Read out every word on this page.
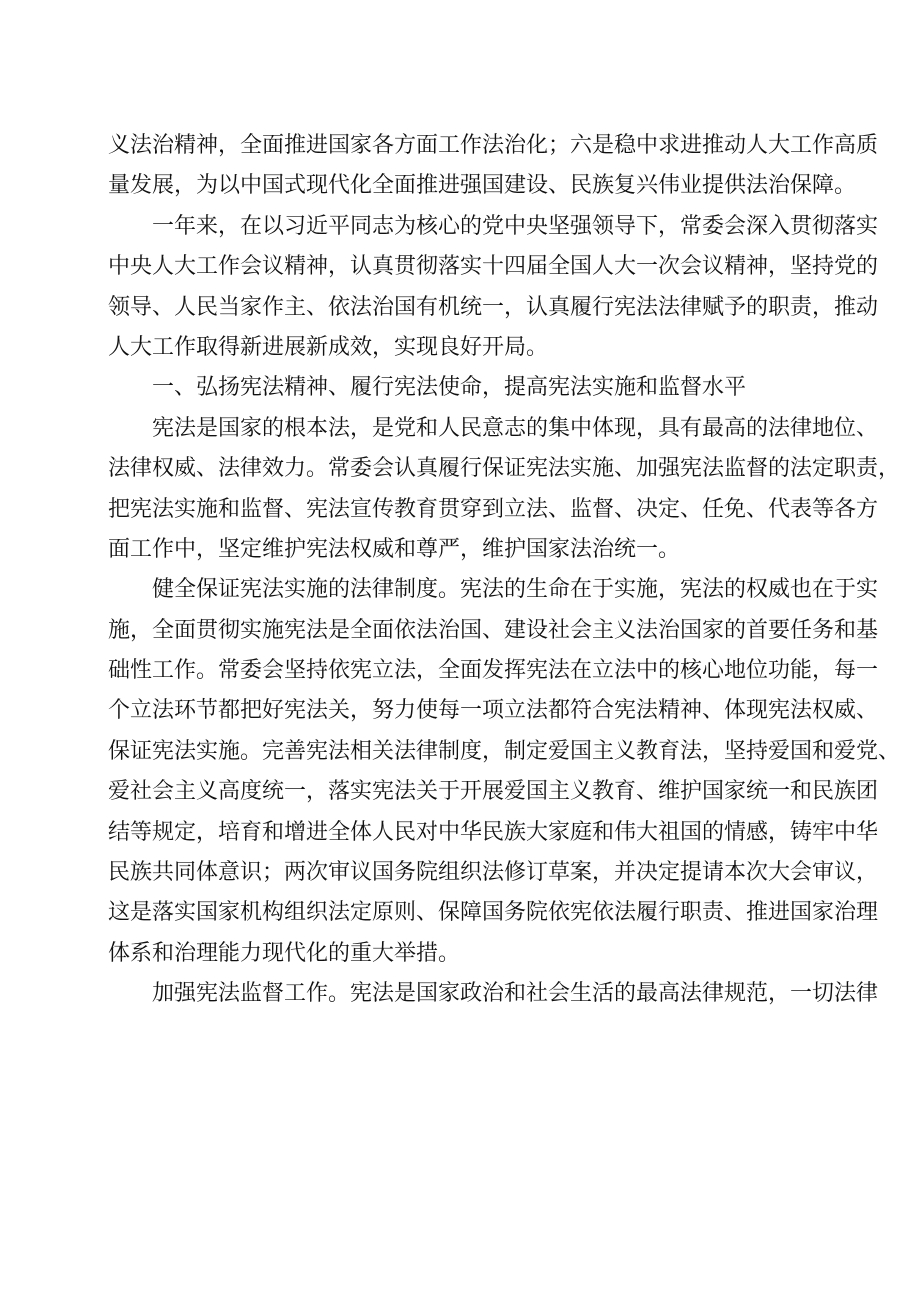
义法治精神，全面推进国家各方面工作法治化；六是稳中求进推动人大工作高质
量发展，为以中国式现代化全面推进强国建设、民族复兴伟业提供法治保障。
一年来，在以习近平同志为核心的党中央坚强领导下，常委会深入贯彻落实
中央人大工作会议精神，认真贯彻落实十四届全国人大一次会议精神，坚持党的
领导、人民当家作主、依法治国有机统一，认真履行宪法法律赋予的职责，推动
人大工作取得新进展新成效，实现良好开局。
一、弘扬宪法精神、履行宪法使命，提高宪法实施和监督水平
宪法是国家的根本法，是党和人民意志的集中体现，具有最高的法律地位、
法律权威、法律效力。常委会认真履行保证宪法实施、加强宪法监督的法定职责，
把宪法实施和监督、宪法宣传教育贯穿到立法、监督、决定、任免、代表等各方
面工作中，坚定维护宪法权威和尊严，维护国家法治统一。
健全保证宪法实施的法律制度。宪法的生命在于实施，宪法的权威也在于实
施，全面贯彻实施宪法是全面依法治国、建设社会主义法治国家的首要任务和基
础性工作。常委会坚持依宪立法，全面发挥宪法在立法中的核心地位功能，每一
个立法环节都把好宪法关，努力使每一项立法都符合宪法精神、体现宪法权威、
保证宪法实施。完善宪法相关法律制度，制定爱国主义教育法，坚持爱国和爱党、
爱社会主义高度统一，落实宪法关于开展爱国主义教育、维护国家统一和民族团
结等规定，培育和增进全体人民对中华民族大家庭和伟大祖国的情感，铸牢中华
民族共同体意识；两次审议国务院组织法修订草案，并决定提请本次大会审议，
这是落实国家机构组织法定原则、保障国务院依宪依法履行职责、推进国家治理
体系和治理能力现代化的重大举措。
加强宪法监督工作。宪法是国家政治和社会生活的最高法律规范，一切法律
